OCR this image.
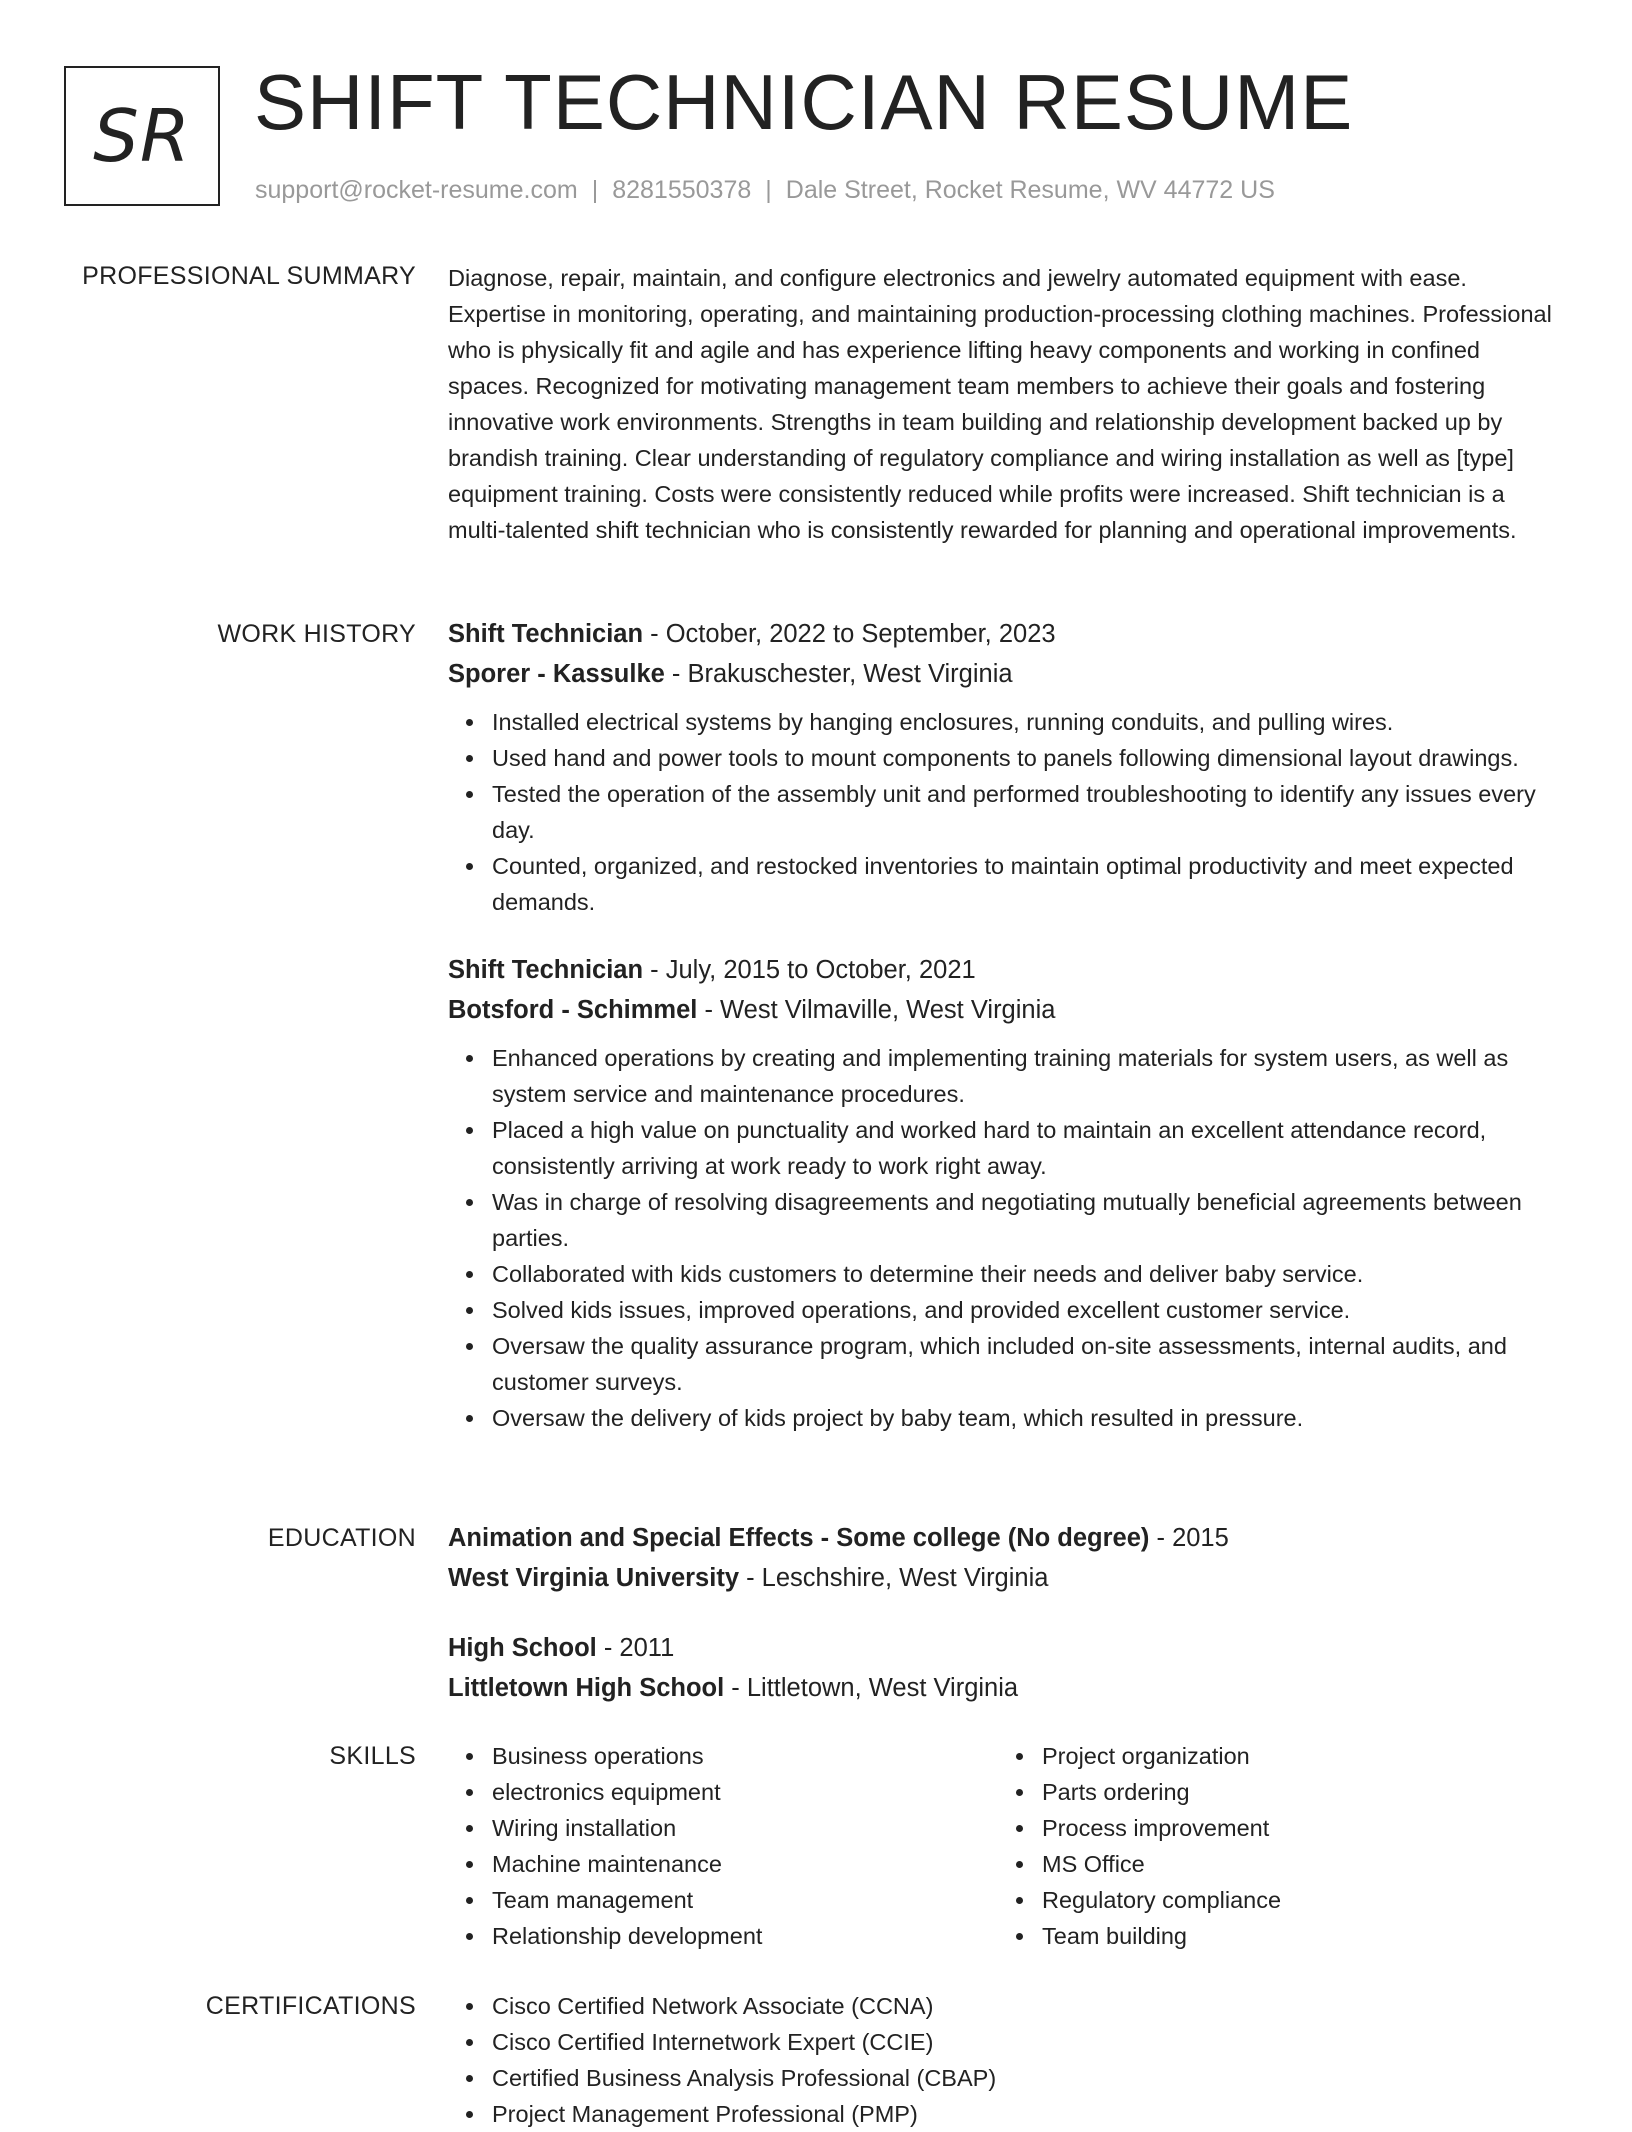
SR SHIFT TECHNICIAN RESUME
support@rocket-resume.com | 8281550378 | Dale Street, Rocket Resume, WV 44772 US
PROFESSIONAL SUMMARY Diagnose, repair, maintain, and configure electronics and jewelry automated equipment with ease. Expertise in monitoring, operating, and maintaining production-processing clothing machines. Professional who is physically fit and agile and has experience lifting heavy components and working in confined spaces. Recognized for motivating management team members to achieve their goals and fostering innovative work environments. Strengths in team building and relationship development backed up by brandish training. Clear understanding of regulatory compliance and wiring installation as well as [type] equipment training. Costs were consistently reduced while profits were increased. Shift technician is a multi-talented shift technician who is consistently rewarded for planning and operational improvements.

WORK HISTORY Shift Technician - October, 2022 to September, 2023
Sporer - Kassulke - Brakuschester, West Virginia
Installed electrical systems by hanging enclosures, running conduits, and pulling wires.
Used hand and power tools to mount components to panels following dimensional layout drawings.
Tested the operation of the assembly unit and performed troubleshooting to identify any issues every day.
Counted, organized, and restocked inventories to maintain optimal productivity and meet expected demands.
Shift Technician - July, 2015 to October, 2021
Botsford - Schimmel - West Vilmaville, West Virginia
Enhanced operations by creating and implementing training materials for system users, as well as system service and maintenance procedures.
Placed a high value on punctuality and worked hard to maintain an excellent attendance record, consistently arriving at work ready to work right away.
Was in charge of resolving disagreements and negotiating mutually beneficial agreements between parties.
Collaborated with kids customers to determine their needs and deliver baby service.
Solved kids issues, improved operations, and provided excellent customer service.
Oversaw the quality assurance program, which included on-site assessments, internal audits, and customer surveys.
Oversaw the delivery of kids project by baby team, which resulted in pressure.
EDUCATION Animation and Special Effects - Some college (No degree) - 2015
West Virginia University - Leschshire, West Virginia
High School - 2011
Littletown High School - Littletown, West Virginia
SKILLS	Business operations
electronics equipment
Wiring installation
Machine maintenance
Team management
Relationship development
Project organization
Parts ordering
Process improvement
MS Office
Regulatory compliance
Team building
CERTIFICATIONS	Cisco Certified Network Associate (CCNA)
Cisco Certified Internetwork Expert (CCIE)
Certified Business Analysis Professional (CBAP)
Project Management Professional (PMP)
